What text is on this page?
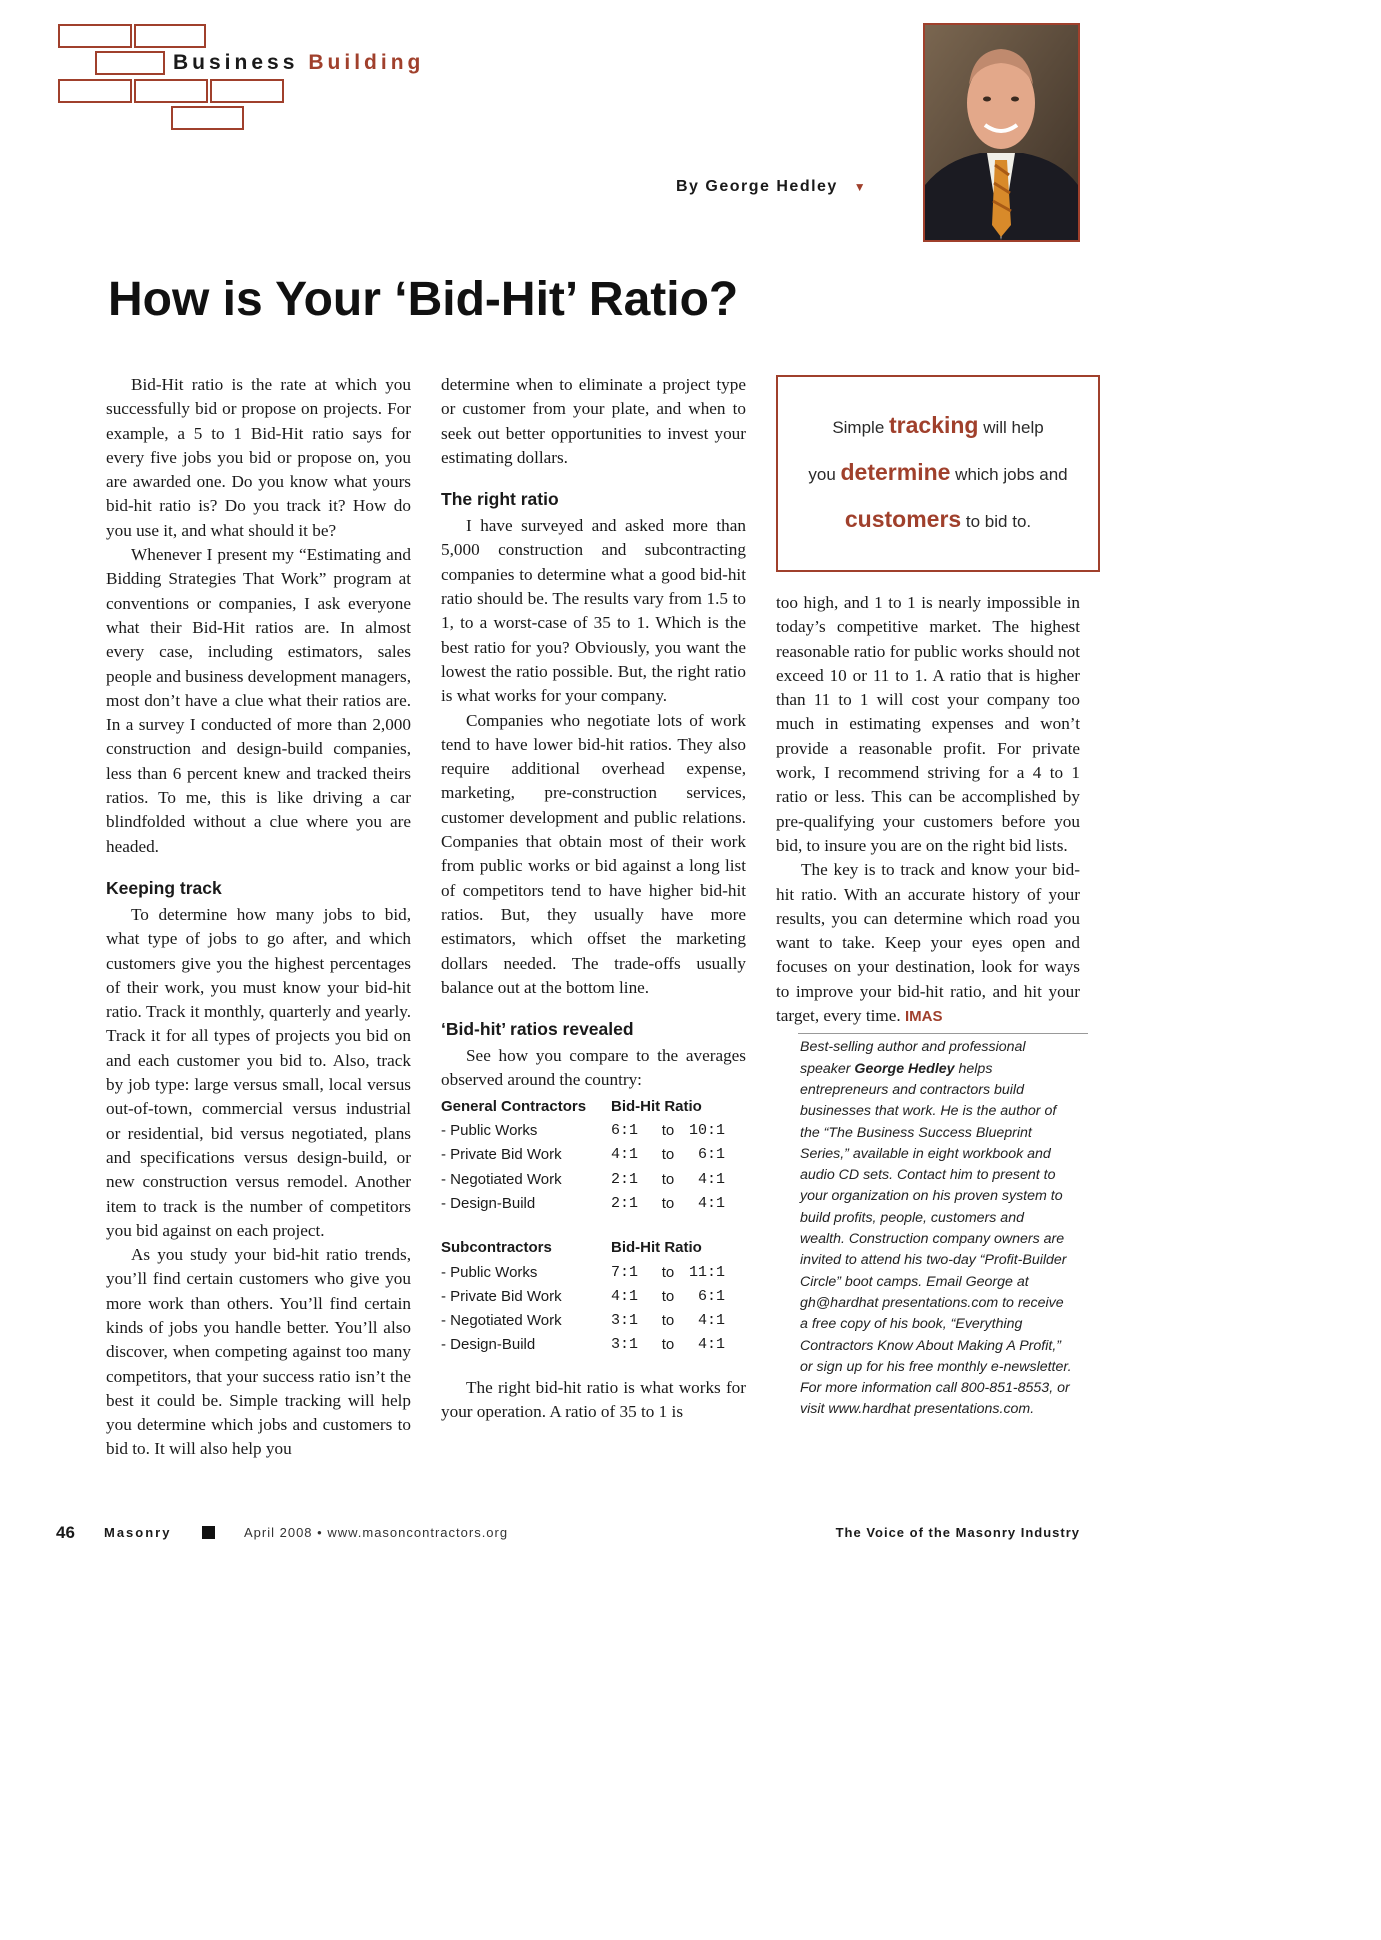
Business Building
By George Hedley ▼
How is Your ‘Bid-Hit’ Ratio?

Bid-Hit ratio is the rate at which you successfully bid or propose on projects. For example, a 5 to 1 Bid-Hit ratio says for every five jobs you bid or propose on, you are awarded one. Do you know what yours bid-hit ratio is? Do you track it? How do you use it, and what should it be?

Whenever I present my “Estimating and Bidding Strategies That Work” program at conventions or companies, I ask everyone what their Bid-Hit ratios are. In almost every case, including estimators, sales people and business development managers, most don’t have a clue what their ratios are. In a survey I conducted of more than 2,000 construction and design-build companies, less than 6 percent knew and tracked theirs ratios. To me, this is like driving a car blindfolded without a clue where you are headed.

Keeping track

To determine how many jobs to bid, what type of jobs to go after, and which customers give you the highest percentages of their work, you must know your bid-hit ratio. Track it monthly, quarterly and yearly. Track it for all types of projects you bid on and each customer you bid to. Also, track by job type: large versus small, local versus out-of-town, commercial versus industrial or residential, bid versus negotiated, plans and specifications versus design-build, or new construction versus remodel. Another item to track is the number of competitors you bid against on each project.

As you study your bid-hit ratio trends, you’ll find certain customers who give you more work than others. You’ll find certain kinds of jobs you handle better. You’ll also discover, when competing against too many competitors, that your success ratio isn’t the best it could be. Simple tracking will help you determine which jobs and customers to bid to. It will also help you

determine when to eliminate a project type or customer from your plate, and when to seek out better opportunities to invest your estimating dollars.

The right ratio

I have surveyed and asked more than 5,000 construction and subcontracting companies to determine what a good bid-hit ratio should be. The results vary from 1.5 to 1, to a worst-case of 35 to 1. Which is the best ratio for you? Obviously, you want the lowest the ratio possible. But, the right ratio is what works for your company.

Companies who negotiate lots of work tend to have lower bid-hit ratios. They also require additional overhead expense, marketing, pre-construction services, customer development and public relations. Companies that obtain most of their work from public works or bid against a long list of competitors tend to have higher bid-hit ratios. But, they usually have more estimators, which offset the marketing dollars needed. The trade-offs usually balance out at the bottom line.

‘Bid-hit’ ratios revealed

See how you compare to the averages observed around the country:

General Contractors	Bid-Hit Ratio		
- Public Works	6:1	to	10:1
- Private Bid Work	4:1	to	6:1
- Negotiated Work	2:1	to	4:1
- Design-Build	2:1	to	4:1
Subcontractors	Bid-Hit Ratio		
- Public Works	7:1	to	11:1
- Private Bid Work	4:1	to	6:1
- Negotiated Work	3:1	to	4:1
- Design-Build	3:1	to	4:1

The right bid-hit ratio is what works for your operation. A ratio of 35 to 1 is

Simple tracking will help
you determine which jobs and
customers to bid to.

too high, and 1 to 1 is nearly impossible in today’s competitive market. The highest reasonable ratio for public works should not exceed 10 or 11 to 1. A ratio that is higher than 11 to 1 will cost your company too much in estimating expenses and won’t provide a reasonable profit. For private work, I recommend striving for a 4 to 1 ratio or less. This can be accomplished by pre-qualifying your customers before you bid, to insure you are on the right bid lists.

The key is to track and know your bid-hit ratio. With an accurate history of your results, you can determine which road you want to take. Keep your eyes open and focuses on your destination, look for ways to improve your bid-hit ratio, and hit your target, every time. IMAS

Best-selling author and professional speaker George Hedley helps entrepreneurs and contractors build businesses that work. He is the author of the “The Business Success Blueprint Series,” available in eight workbook and audio CD sets. Contact him to present to your organization on his proven system to build profits, people, customers and wealth. Construction company owners are invited to attend his two-day “Profit-Builder Circle” boot camps. Email George at gh@hardhat presentations.com to receive a free copy of his book, “Everything Contractors Know About Making A Profit,” or sign up for his free monthly e-newsletter. For more information call 800-851-8553, or visit www.hardhat presentations.com.
46 Masonry	April 2008 • www.masoncontractors.org	The Voice of the Masonry Industry
